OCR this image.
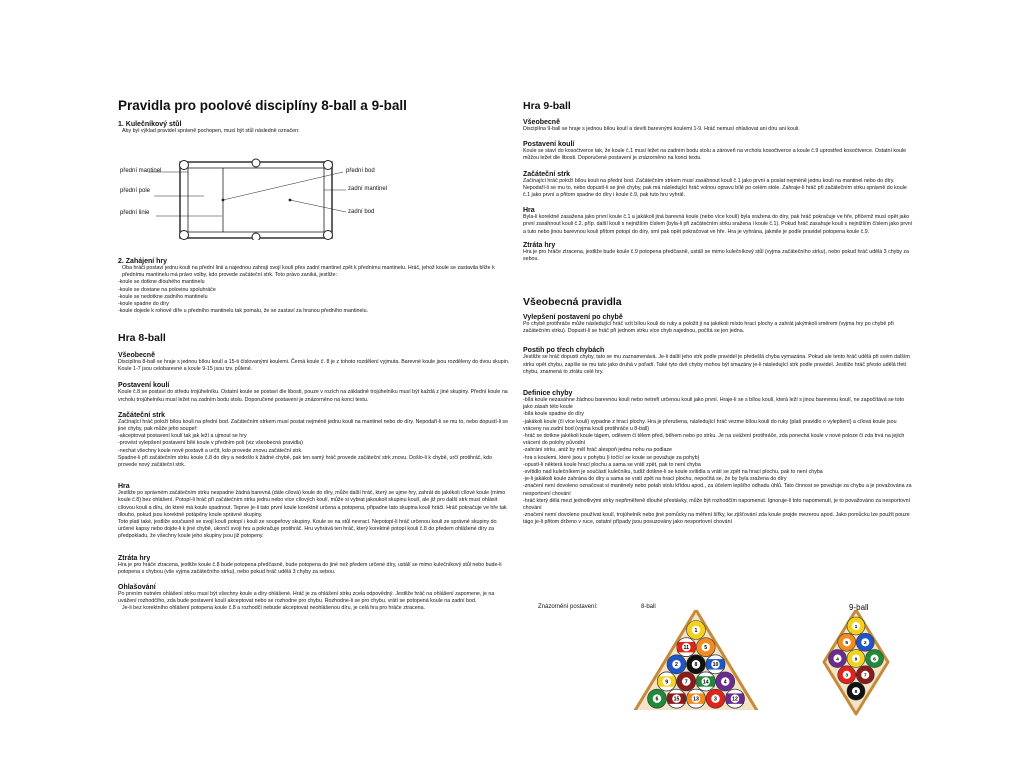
Pravidla pro poolové disciplíny 8-ball a 9-ball

1. Kulečníkový stůl

Aby byl výklad pravidel správně pochopen, musí být stůl následně označen:

přední mantinel	přední bod
přední pole	zadní mantinel
přední linie	zadní bod

2. Zahájení hry

Oba hráči postaví jednu kouli na přední linii a najednou zahrají svojí koulí přes zadní mantinel zpět k přednímu mantinelu. Hráč, jehož koule se zastavila blíže k přednímu mantinelu má právo volby, kdo provede začáteční strk. Toto právo zaniká, jestliže:

-koule se dotkne dlouhého mantinelu
-koule se dostane na polovinu spoluhráče
-koule se nedotkne zadního mantinelu
-koule spadne do díry
-koule dojede k rohové díře u předního mantinelu tak pomalu, že se zastaví za hranou předního mantinelu.

Hra 8-ball

Všeobecně

Disciplína 8-ball se hraje s jednou bílou koulí a 15-ti číslovanými koulemi. Černá koule č. 8 je z tohoto rozdělení vyjmuta. Barevné koule jsou rozděleny do dvou skupin. Koule 1-7 jsou celobarevné a koule 9-15 jsou tzv. půlené.

Postavení koulí

Koule č.8 se postaví do středu trojúhelníku. Ostatní koule se postaví dle libosti, pouze v rozích na základně trojúhelníku musí být každá z jiné skupiny. Přední koule na vrcholu trojúhelníku musí ležet na zadním bodu stolu. Doporučené postavení je znázorněno na konci textu.

Začáteční strk

Začínající hráč položí bílou kouli na přední bod. Začátečním strkem musí postat nejméně jednu kouli na mantinel nebo do díry. Nepodaří-li se mu to, nebo dopustí-li se jiné chyby, pak může jeho soupeř:

-akceptovat postavení koulí tak jak leží a ujmout se hry
-provést vylepšení postavení bílé koule v předním poli (viz všeobecná pravidla)
-nechat všechny koule nově postavit a určit, kdo provede znovu začáteční strk.

Spadne-li při začátečním strku koule č.8 do díry a nedošlo k žádné chybě, pak ten samý hráč provede začáteční strk znovu. Došlo-li k chybě, určí protihráč, kdo provede nový začáteční strk.

Hra

Jestliže po správném začátečním strku nespadne žádná barevná (dále cílová) koule do díry, může další hráč, který se ujme hry, zahrát do jakékoli cílové koule (mimo koule č.8) bez ohlášení. Potopí-li hráč při začátečním strku jednu nebo více cílových koulí, může si vybrat jakoukoli skupinu koulí, ale již pro další strk musí ohlásit cílovou kouli a díru, do které má koule spadnout. Teprve je-li tato první koule korektně určena a potopena, připadne tato skupina koulí hráči. Hráč pokračuje ve hře tak dlouho, pokud jsou korektně potápěny koule správné skupiny.

Toto platí také, jestliže současně se svojí koulí potopí i kouli ze soupeřovy skupiny. Koule se na stůl nevrací. Nepotopí-li hráč určenou kouli ze správné skupiny do určené kapsy nebo dojde-li k jiné chybě, ukončí svoji hru a pokračuje protihráč. Hru vyhrává ten hráč, který korektně potopí kouli č.8 do předem ohlášené díry za předpokladu, že všechny koule jeho skupiny jsou již potopeny.

Ztráta hry

Hra je pro hráče ztracena, jestliže koule č.8 bude potopena předčasně, bude potopena do jiné než předem určené díry, ustálí se mimo kulečníkový stůl nebo bude-li potopena s chybou (vše vyjma začátečního strku), nebo pokud hráč udělá 3 chyby za sebou.

Ohlašování

Po prvním nutném ohlášení strku musí být všechny koule a díry ohlášené. Hráč je za ohlášení strku zcela odpovědný. Jestliže hráč na ohlášení zapomene, je na uvážení rozhodčího, zda bude postavení koulí akceptovat nebo se rozhodne pro chybu. Rozhodne-li se pro chybu, vrátí se potopená koule na zadní bod.

Je-li bez korektního ohlášení potopena koule č.8 a rozhodčí nebude akceptovat neohlášenou díru, je celá hra pro hráče ztracena.

Hra 9-ball

Všeobecně

Disciplína 9-ball se hraje s jednou bílou koulí a devíti barevnými koulemi 1-9. Hráč nemusí ohlašovat ani díru ani kouli.

Postavení koulí

Koule se staví do kosočtverce tak, že koule č.1 musí ležet na zadním bodu stolu a zároveň na vrcholu kosočtverce a koule č.9 uprostřed kosočtverce. Ostatní koule můžou ležet dle libosti. Doporučené postavení je znázorněno na konci textu.

Začáteční strk

Začínající hráč položí bílou kouli na přední bod. Začátečním strkem musí zasáhnout kouli č.1 jako první a poslat nejméně jednu kouli na mantinel nebo do díry. Nepodaří-li se mu to, nebo dopustí-li se jiné chyby, pak má následující hráč volnou opravu bílé po celém stole. Zahraje-li hráč při začátečním strku správně do koule č.1 jako první a přitom spadne do díry i koule č.9, pak tuto hru vyhrál.

Hra

Byla-li korektně zasažena jako první koule č.1 a jakákoli jiná barevná koule (nebo více koulí) byla sražena do díry, pak hráč pokračuje ve hře, přičemž musí opět jako první zasáhnout kouli č.2, příp. další kouli s nejnižším číslem (byla-li při začátečním strku sražena i koule č.1). Pokud hráč zasahuje kouli s nejnižším číslem jako první a tuto nebo jinou barevnou kouli přitom potopí do díry, smí pak opět pokračovat ve hře. Hra je vyhrána, jakmile je podle pravidel potopena koule č.9.

Ztráta hry

Hra je pro hráče ztracena, jestliže bude koule č.9 potopena předčasně, ustálí se mimo kulečníkový stůl (vyjma začátečního strku), nebo pokud hráč udělá 3 chyby za sebou.

Všeobecná pravidla

Vylepšení postavení po chybě

Po chybě protihráče může následující hráč vzít bílou kouli do ruky a položit ji na jakékoli místo hrací plochy a zahrát jakýmkoli směrem (vyjma hry po chybě při začátečním strku). Dopustí-li se hráč při jednom strku více chyb najednou, počítá se jen jedna.

Postih po třech chybách

Jestliže se hráč dopustí chyby, tato se mu zaznamenává. Je-li další jeho strk podle pravidel je předešlá chyba vymazána. Pokud ale tento hráč udělá při svém dalším strku opět chybu, zapíše se mu tato jako druhá v pořadí. Také tyto dvě chyby mohou být smazány je-li následující strk podle pravidel. Jestliže hráč přesto udělá třetí chybu, znamená to ztrátu celé hry.

Definice chyby

-bílá koule nezasáhne žádnou barevnou kouli nebo netrefí určenou kouli jako první. Hraje-li se s bílou koulí, která leží s jinou barevnou koulí, ne započítává se toto jako zásah této koule
-bílá koule spadne do díry
-jakákoli koule (či více koulí) vypadne z hrací plochy. Hra je přerušena, následující hráč vezme bílou kouli do ruky (platí pravidlo o vylepšení) a cílová koule jsou vráceny na zadní bod (vyjma koulí protihráče u 8-ball)
-hráč se dotkne jakékoli koule tágem, oděvem či tělem před, během nebo po strku. Je na uvážení protihráče, zda ponechá koule v nové poloze či zda trvá na jejich vrácení do polohy původní
-zahrání strku, aniž by měl hráč alespoň jednu nohu na podlaze
-hra s koulemi, které jsou v pohybu (i točící se koule se považuje za pohyb)
-opustí-li některá koule hrací plochu a sama se vrátí zpět, pak to není chyba
-svítidlo nad kulečníkem je součástí kulečníku, tudíž dotkne-li se koule svítidla a vrátí se zpět na hrací plochu, pak to není chyba
-je-li jakákoli koule zahrána do díry a sama se vrátí zpět na hrací plochu, nepočítá se, že by byla sražena do díry
-značení není dovoleno označovat si mantinely nebo potah stolu křídou apod., za účelem lepšího odhadu úhlů. Tato činnost se považuje za chybu a je považována za nesportovní chování
-hráč který dělá mezi jednotlivými strky nepřiměřeně dlouhé přestávky, může být rozhodčím napomenut. Ignoruje-li toto napomenutí, je to považováno za nesportovní chování
-značení nemí dovoleno používat koulí, trojúhelník nebo jiné pomůcky na měření šířky, ke zjišťování zda koule projde mezerou apod. Jako pomůcku lze použít pouze tágo je-li přitom drženo v ruce, ostatní případy jsou posuzovány jako nesportovní chování
Znázornění postavení:	8-ball	9-ball
1
11	5
2	8	10
9	7	14	4
6	15	13	3	12
1
5	2
4	9	6
3	7
8
